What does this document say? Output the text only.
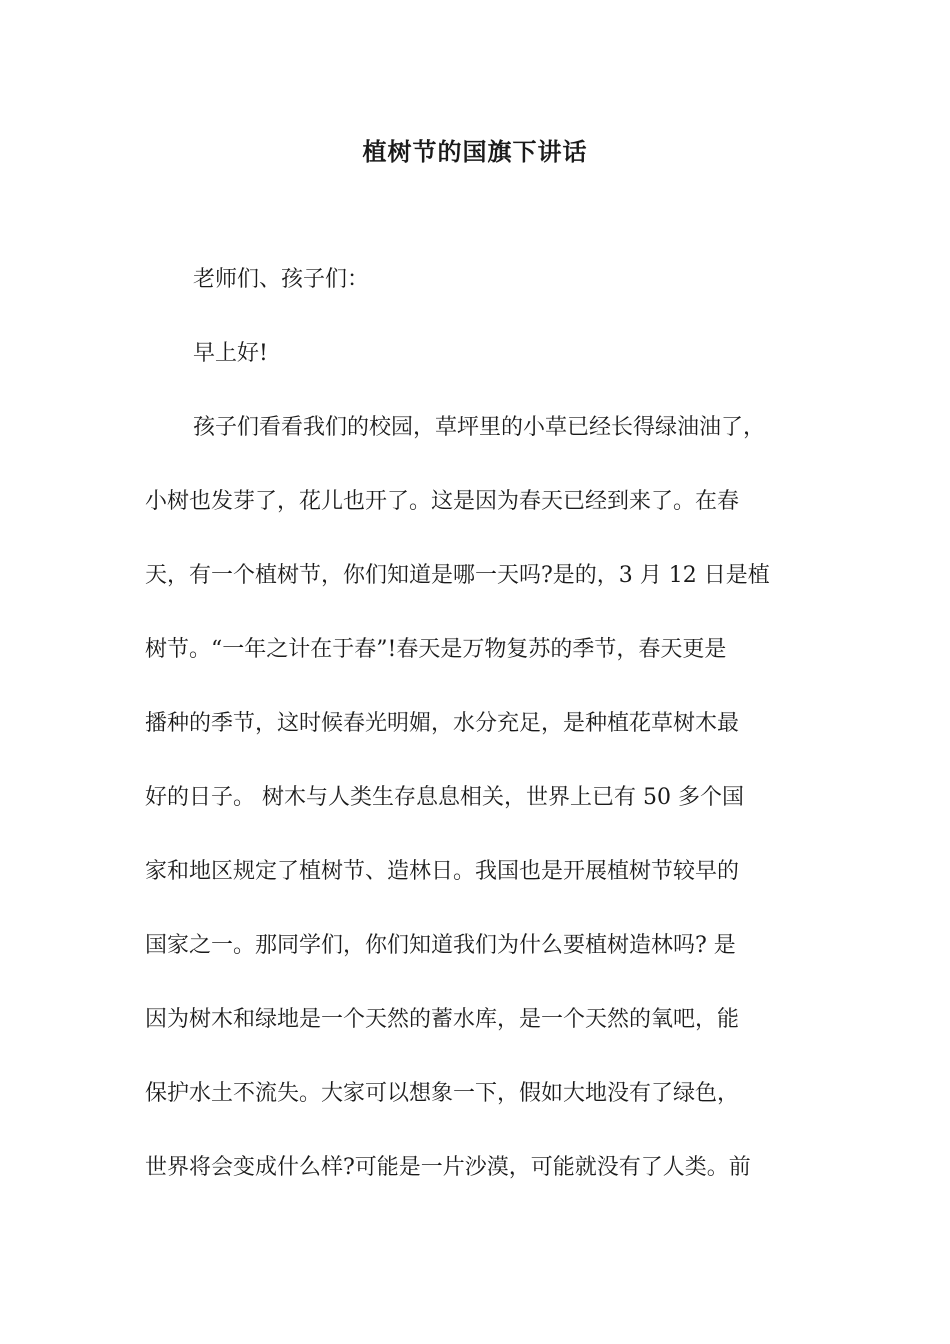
植树节的国旗下讲话

老师们、孩子们：

早上好!

孩子们看看我们的校园，草坪里的小草已经长得绿油油了，

小树也发芽了，花儿也开了。这是因为春天已经到来了。在春

天，有一个植树节，你们知道是哪一天吗?是的，3 月 12 日是植

树节。“一年之计在于春”!春天是万物复苏的季节，春天更是

播种的季节，这时候春光明媚，水分充足，是种植花草树木最

好的日子。 树木与人类生存息息相关，世界上已有 50 多个国

家和地区规定了植树节、造林日。我国也是开展植树节较早的

国家之一。那同学们，你们知道我们为什么要植树造林吗? 是

因为树木和绿地是一个天然的蓄水库，是一个天然的氧吧，能

保护水土不流失。大家可以想象一下，假如大地没有了绿色，

世界将会变成什么样?可能是一片沙漠，可能就没有了人类。前
